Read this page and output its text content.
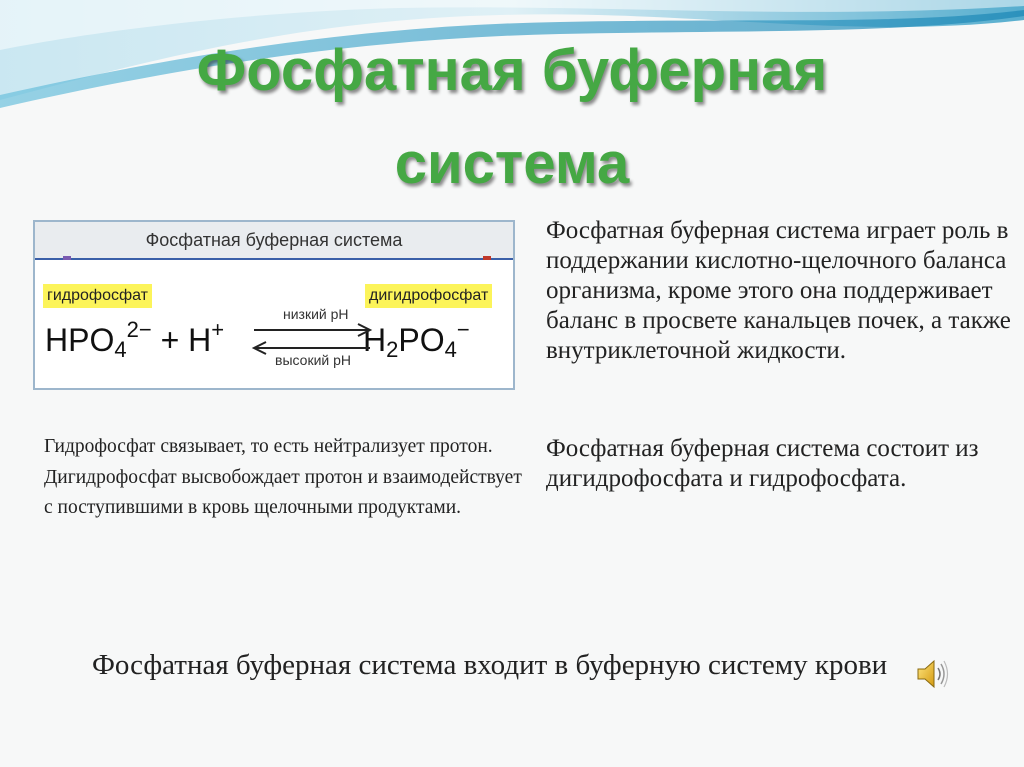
Фосфатная буферная
система
Фосфатная буферная система
гидрофосфат	дигидрофосфат
$HPO_4^{2-} + H^+$	$H_2PO_4^-$
низкий рН
высокий рН
Фосфатная буферная система играет роль в поддержании кислотно-щелочного баланса организма, кроме этого она поддерживает баланс в просвете канальцев почек, а также внутриклеточной жидкости.
Фосфатная буферная система состоит из дигидрофосфата и гидрофосфата.
Гидрофосфат связывает, то есть нейтрализует протон. Дигидрофосфат высвобождает протон и взаимодействует с поступившими в кровь щелочными продуктами.
Фосфатная буферная система входит в буферную систему крови
